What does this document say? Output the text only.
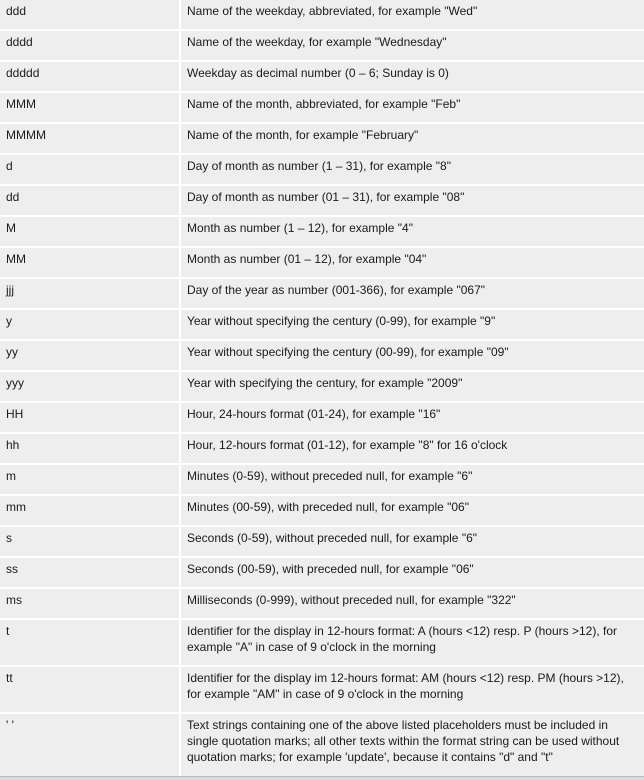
ddd	Name of the weekday, abbreviated, for example "Wed"
dddd	Name of the weekday, for example "Wednesday"
ddddd	Weekday as decimal number (0 – 6; Sunday is 0)
MMM	Name of the month, abbreviated, for example "Feb"
MMMM	Name of the month, for example "February"
d	Day of month as number (1 – 31), for example "8"
dd	Day of month as number (01 – 31), for example "08"
M	Month as number (1 – 12), for example "4"
MM	Month as number (01 – 12), for example "04"
jjj	Day of the year as number (001-366), for example "067"
y	Year without specifying the century (0-99), for example "9"
yy	Year without specifying the century (00-99), for example "09"
yyy	Year with specifying the century, for example "2009"
HH	Hour, 24-hours format (01-24), for example "16"
hh	Hour, 12-hours format (01-12), for example "8" for 16 o'clock
m	Minutes (0-59), without preceded null, for example "6"
mm	Minutes (00-59), with preceded null, for example "06"
s	Seconds (0-59), without preceded null, for example "6"
ss	Seconds (00-59), with preceded null, for example "06"
ms	Milliseconds (0-999), without preceded null, for example "322"
t	Identifier for the display in 12-hours format: A (hours <12) resp. P (hours >12), for example "A" in case of 9 o'clock in the morning
tt	Identifier for the display im 12-hours format: AM (hours <12) resp. PM (hours >12), for example "AM" in case of 9 o'clock in the morning
' '	Text strings containing one of the above listed placeholders must be included in single quotation marks; all other texts within the format string can be used without quotation marks; for example 'update', because it contains "d" and "t"
